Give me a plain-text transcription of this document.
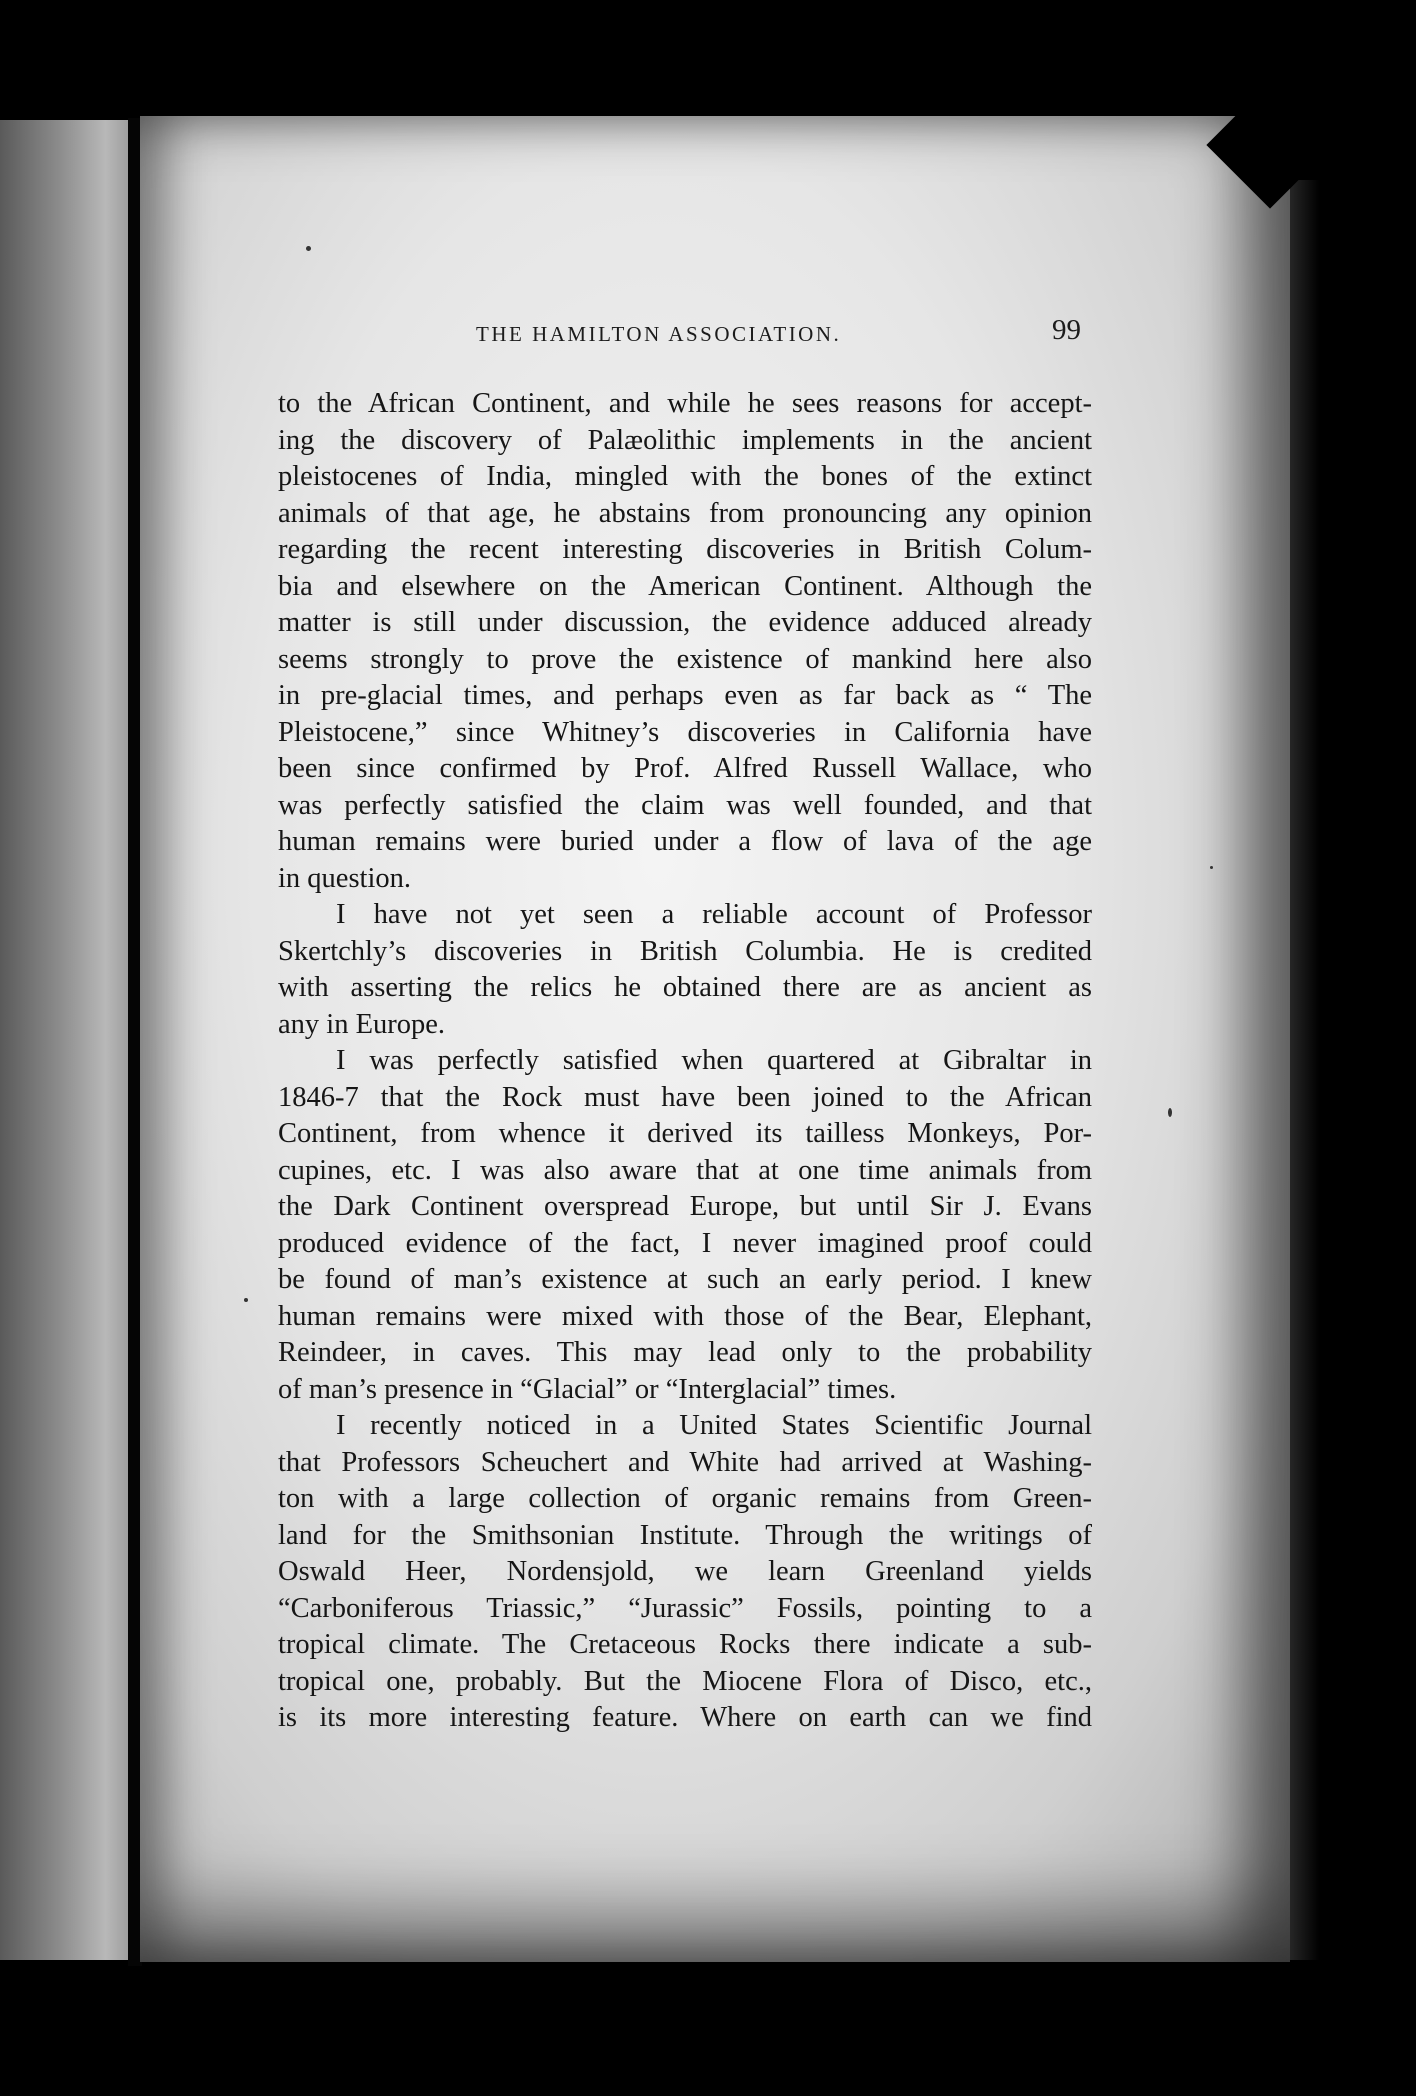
THE HAMILTON ASSOCIATION.	99
to the African Continent, and while he sees reasons for accept-
ing the discovery of Palæolithic implements in the ancient
pleistocenes of India, mingled with the bones of the extinct
animals of that age, he abstains from pronouncing any opinion
regarding the recent interesting discoveries in British Colum-
bia and elsewhere on the American Continent. Although the
matter is still under discussion, the evidence adduced already
seems strongly to prove the existence of mankind here also
in pre-glacial times, and perhaps even as far back as “ The
Pleistocene,” since Whitney’s discoveries in California have
been since confirmed by Prof. Alfred Russell Wallace, who
was perfectly satisfied the claim was well founded, and that
human remains were buried under a flow of lava of the age
in question.
I have not yet seen a reliable account of Professor
Skertchly’s discoveries in British Columbia. He is credited
with asserting the relics he obtained there are as ancient as
any in Europe.
I was perfectly satisfied when quartered at Gibraltar in
1846-7 that the Rock must have been joined to the African
Continent, from whence it derived its tailless Monkeys, Por-
cupines, etc. I was also aware that at one time animals from
the Dark Continent overspread Europe, but until Sir J. Evans
produced evidence of the fact, I never imagined proof could
be found of man’s existence at such an early period. I knew
human remains were mixed with those of the Bear, Elephant,
Reindeer, in caves. This may lead only to the probability
of man’s presence in “Glacial” or “Interglacial” times.
I recently noticed in a United States Scientific Journal
that Professors Scheuchert and White had arrived at Washing-
ton with a large collection of organic remains from Green-
land for the Smithsonian Institute. Through the writings of
Oswald Heer, Nordensjold, we learn Greenland yields
“Carboniferous Triassic,” “Jurassic” Fossils, pointing to a
tropical climate. The Cretaceous Rocks there indicate a sub-
tropical one, probably. But the Miocene Flora of Disco, etc.,
is its more interesting feature. Where on earth can we find
